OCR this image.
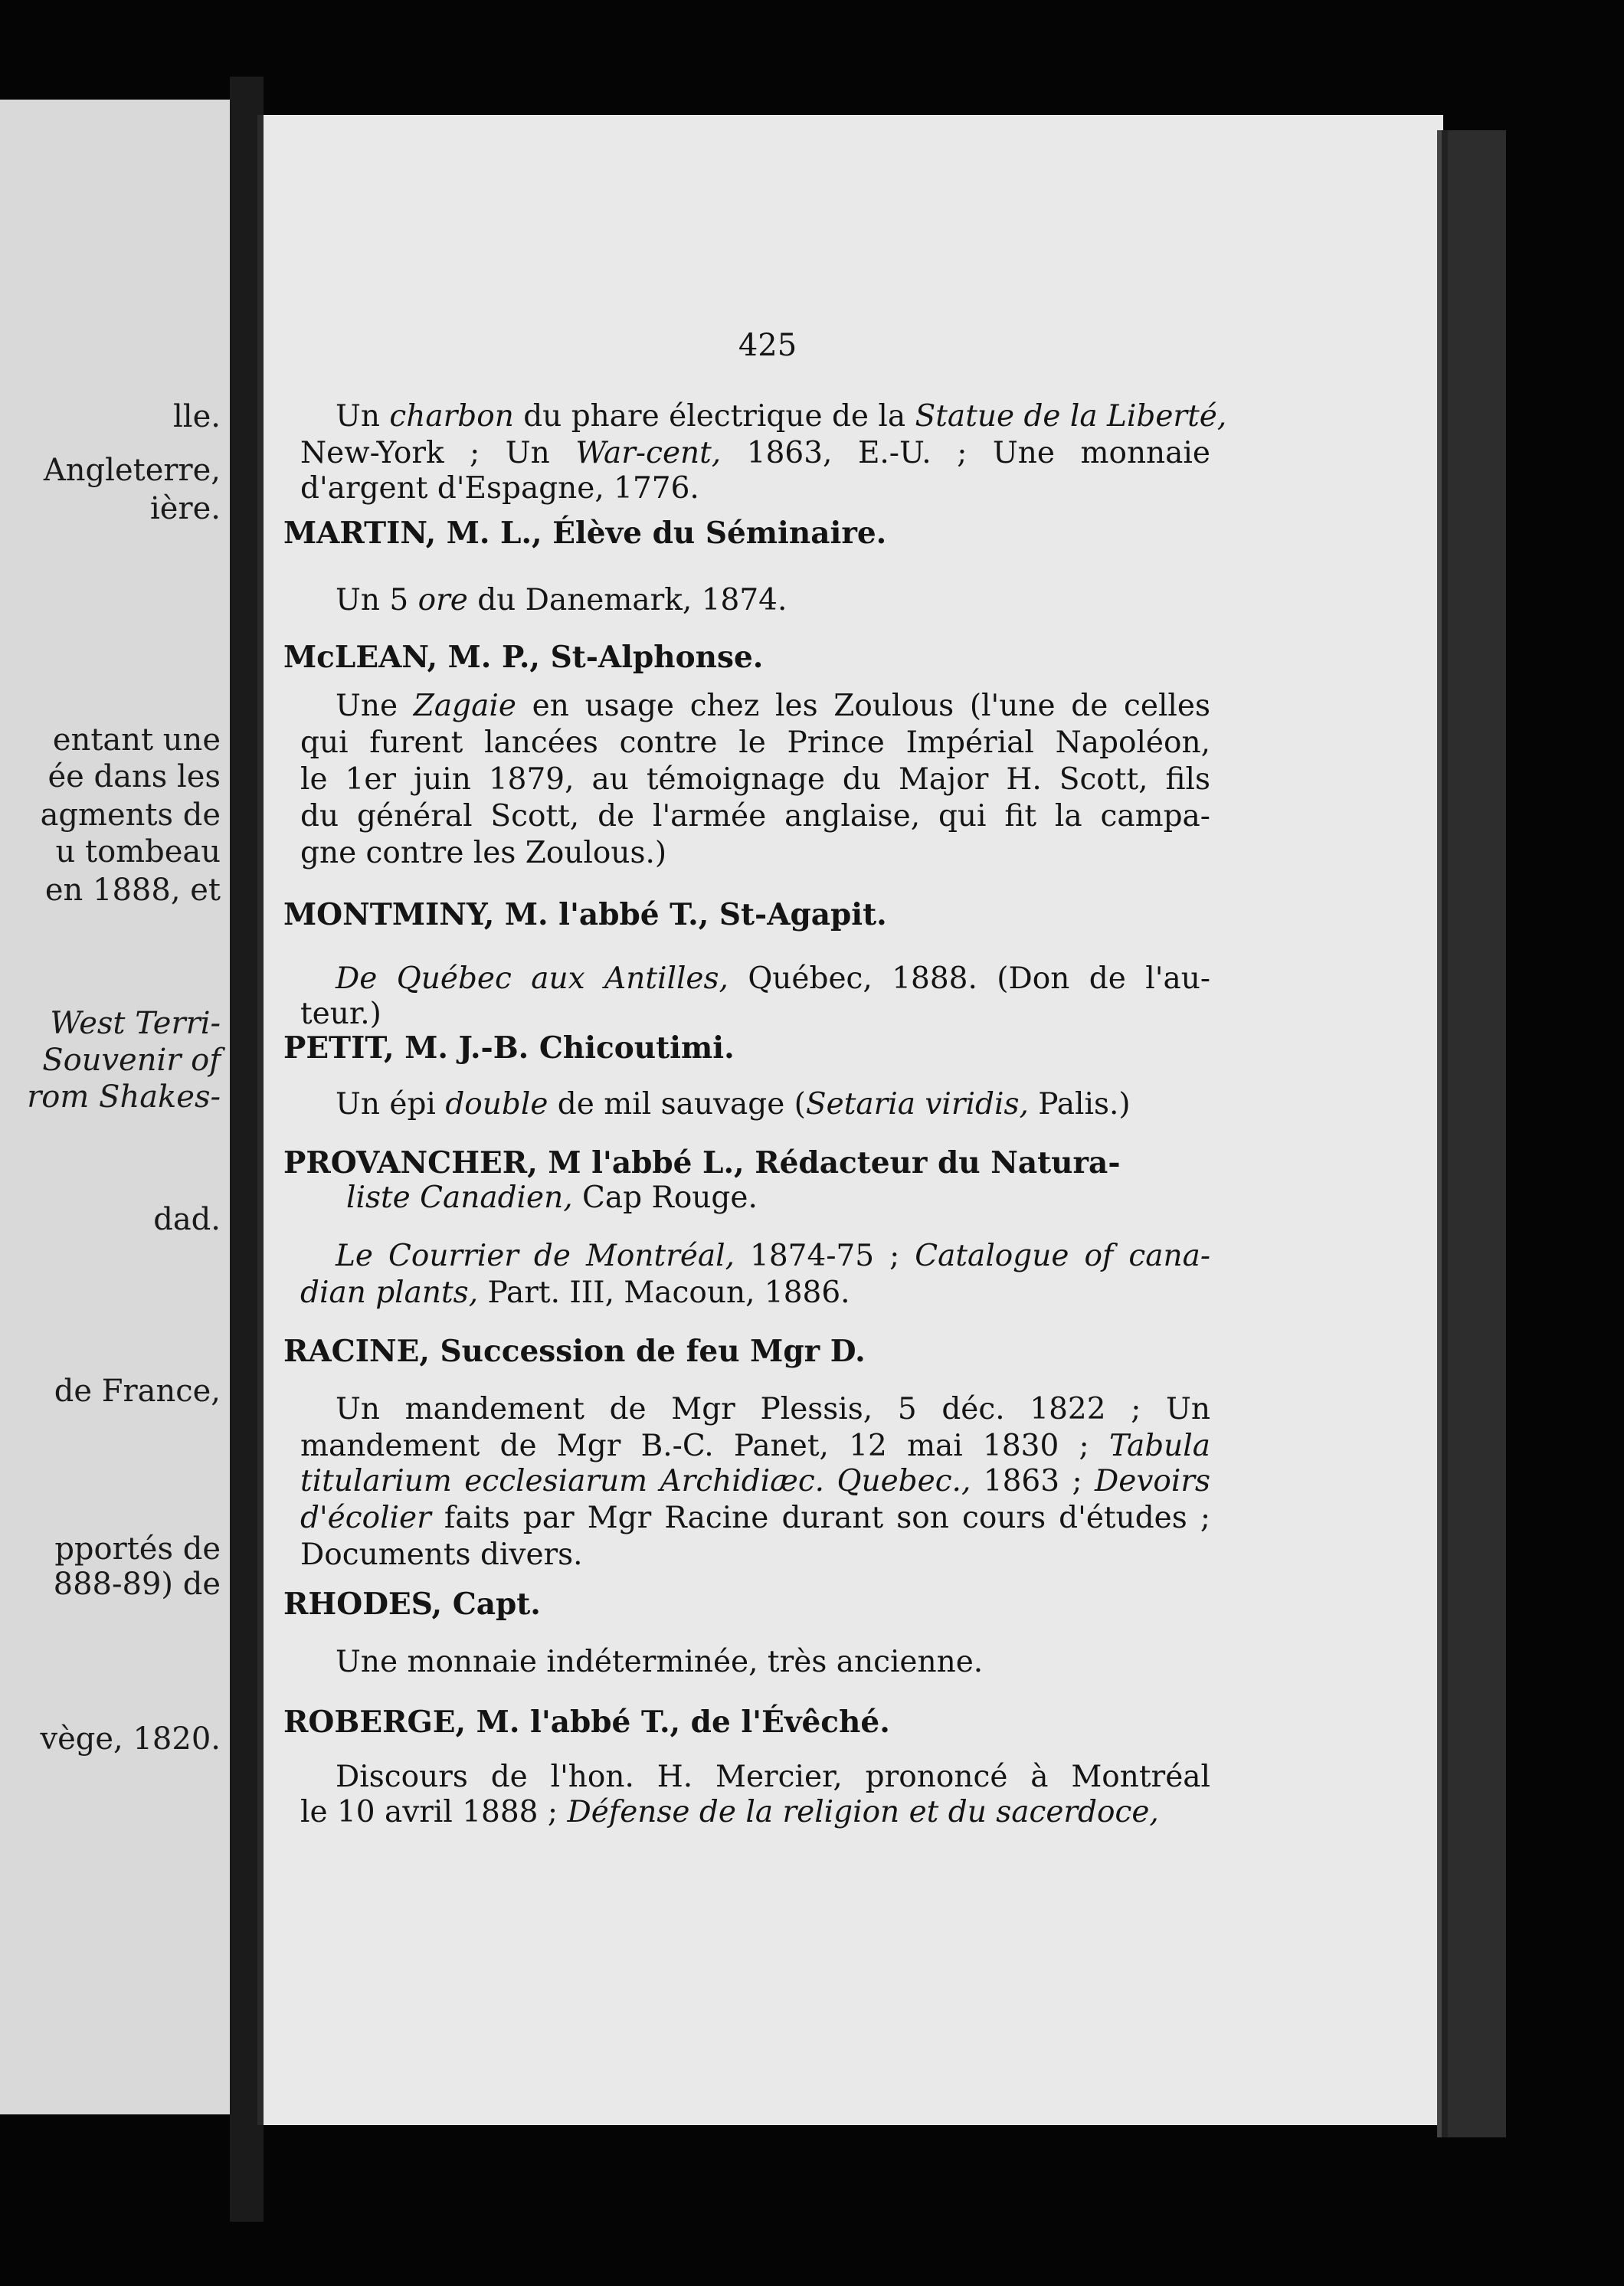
lle.
Angleterre,
ière.
entant une
ée dans les
agments de
u tombeau
en 1888, et
West Terri-
Souvenir of
rom Shakes-
dad.
de France,
pportés de
888-89) de
vège, 1820.
425
Un charbon du phare électrique de la Statue de la Liberté,
New-York ; Un War-cent, 1863, E.-U. ; Une monnaie
d'argent d'Espagne, 1776.
MARTIN, M. L., Élève du Séminaire.
Un 5 ore du Danemark, 1874.
McLEAN, M. P., St-Alphonse.
Une Zagaie en usage chez les Zoulous (l'une de celles
qui furent lancées contre le Prince Impérial Napoléon,
le 1er juin 1879, au témoignage du Major H. Scott, fils
du général Scott, de l'armée anglaise, qui fit la campa-
gne contre les Zoulous.)
MONTMINY, M. l'abbé T., St-Agapit.
De Québec aux Antilles, Québec, 1888. (Don de l'au-
teur.)
PETIT, M. J.-B. Chicoutimi.
Un épi double de mil sauvage (Setaria viridis, Palis.)
PROVANCHER, M l'abbé L., Rédacteur du Natura-
liste Canadien, Cap Rouge.
Le Courrier de Montréal, 1874-75 ; Catalogue of cana-
dian plants, Part. III, Macoun, 1886.
RACINE, Succession de feu Mgr D.
Un mandement de Mgr Plessis, 5 déc. 1822 ; Un
mandement de Mgr B.-C. Panet, 12 mai 1830 ; Tabula
titularium ecclesiarum Archidiæc. Quebec., 1863 ; Devoirs
d'écolier faits par Mgr Racine durant son cours d'études ;
Documents divers.
RHODES, Capt.
Une monnaie indéterminée, très ancienne.
ROBERGE, M. l'abbé T., de l'Évêché.
Discours de l'hon. H. Mercier, prononcé à Montréal
le 10 avril 1888 ; Défense de la religion et du sacerdoce,
